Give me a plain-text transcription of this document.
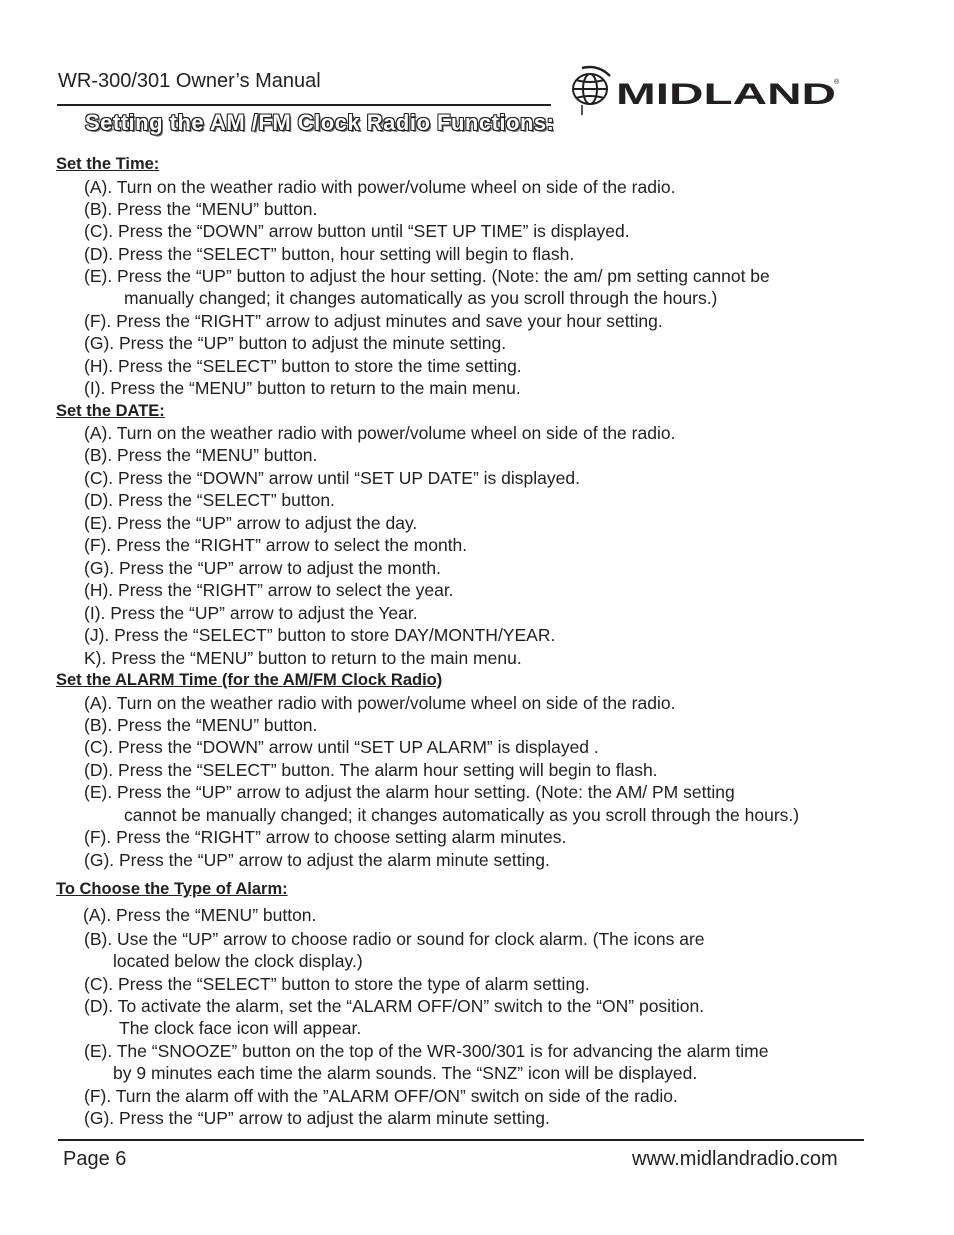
WR-300/301 Owner’s Manual	MIDLAND
®
Setting the AM /FM Clock Radio Functions:
Set the Time:
(A). Turn on the weather radio with power/volume wheel on side of the radio.
(B). Press the “MENU” button.
(C). Press the “DOWN” arrow button until “SET UP TIME” is displayed.
(D). Press the “SELECT” button, hour setting will begin to flash.
(E). Press the “UP” button to adjust the hour setting. (Note: the am/ pm setting cannot be
manually changed; it changes automatically as you scroll through the hours.)
(F). Press the “RIGHT” arrow to adjust minutes and save your hour setting.
(G). Press the “UP” button to adjust the minute setting.
(H). Press the “SELECT” button to store the time setting.
(I). Press the “MENU” button to return to the main menu.
Set the DATE:
(A). Turn on the weather radio with power/volume wheel on side of the radio.
(B). Press the “MENU” button.
(C). Press the “DOWN” arrow until “SET UP DATE” is displayed.
(D). Press the “SELECT” button.
(E). Press the “UP” arrow to adjust the day.
(F). Press the “RIGHT” arrow to select the month.
(G). Press the “UP” arrow to adjust the month.
(H). Press the “RIGHT” arrow to select the year.
(I). Press the “UP” arrow to adjust the Year.
(J). Press the “SELECT” button to store DAY/MONTH/YEAR.
K). Press the “MENU” button to return to the main menu.
Set the ALARM Time (for the AM/FM Clock Radio)
(A). Turn on the weather radio with power/volume wheel on side of the radio.
(B). Press the “MENU” button.
(C). Press the “DOWN” arrow until “SET UP ALARM” is displayed .
(D). Press the “SELECT” button. The alarm hour setting will begin to flash.
(E). Press the “UP” arrow to adjust the alarm hour setting. (Note: the AM/ PM setting
cannot be manually changed; it changes automatically as you scroll through the hours.)
(F). Press the “RIGHT” arrow to choose setting alarm minutes.
(G). Press the “UP” arrow to adjust the alarm minute setting.
To Choose the Type of Alarm:
(A). Press the “MENU” button.
(B). Use the “UP” arrow to choose radio or sound for clock alarm. (The icons are
located below the clock display.)
(C). Press the “SELECT” button to store the type of alarm setting.
(D). To activate the alarm, set the “ALARM OFF/ON” switch to the “ON” position.
The clock face icon will appear.
(E). The “SNOOZE” button on the top of the WR-300/301 is for advancing the alarm time
by 9 minutes each time the alarm sounds. The “SNZ” icon will be displayed.
(F). Turn the alarm off with the ”ALARM OFF/ON” switch on side of the radio.
(G). Press the “UP” arrow to adjust the alarm minute setting.
Page 6	www.midlandradio.com
